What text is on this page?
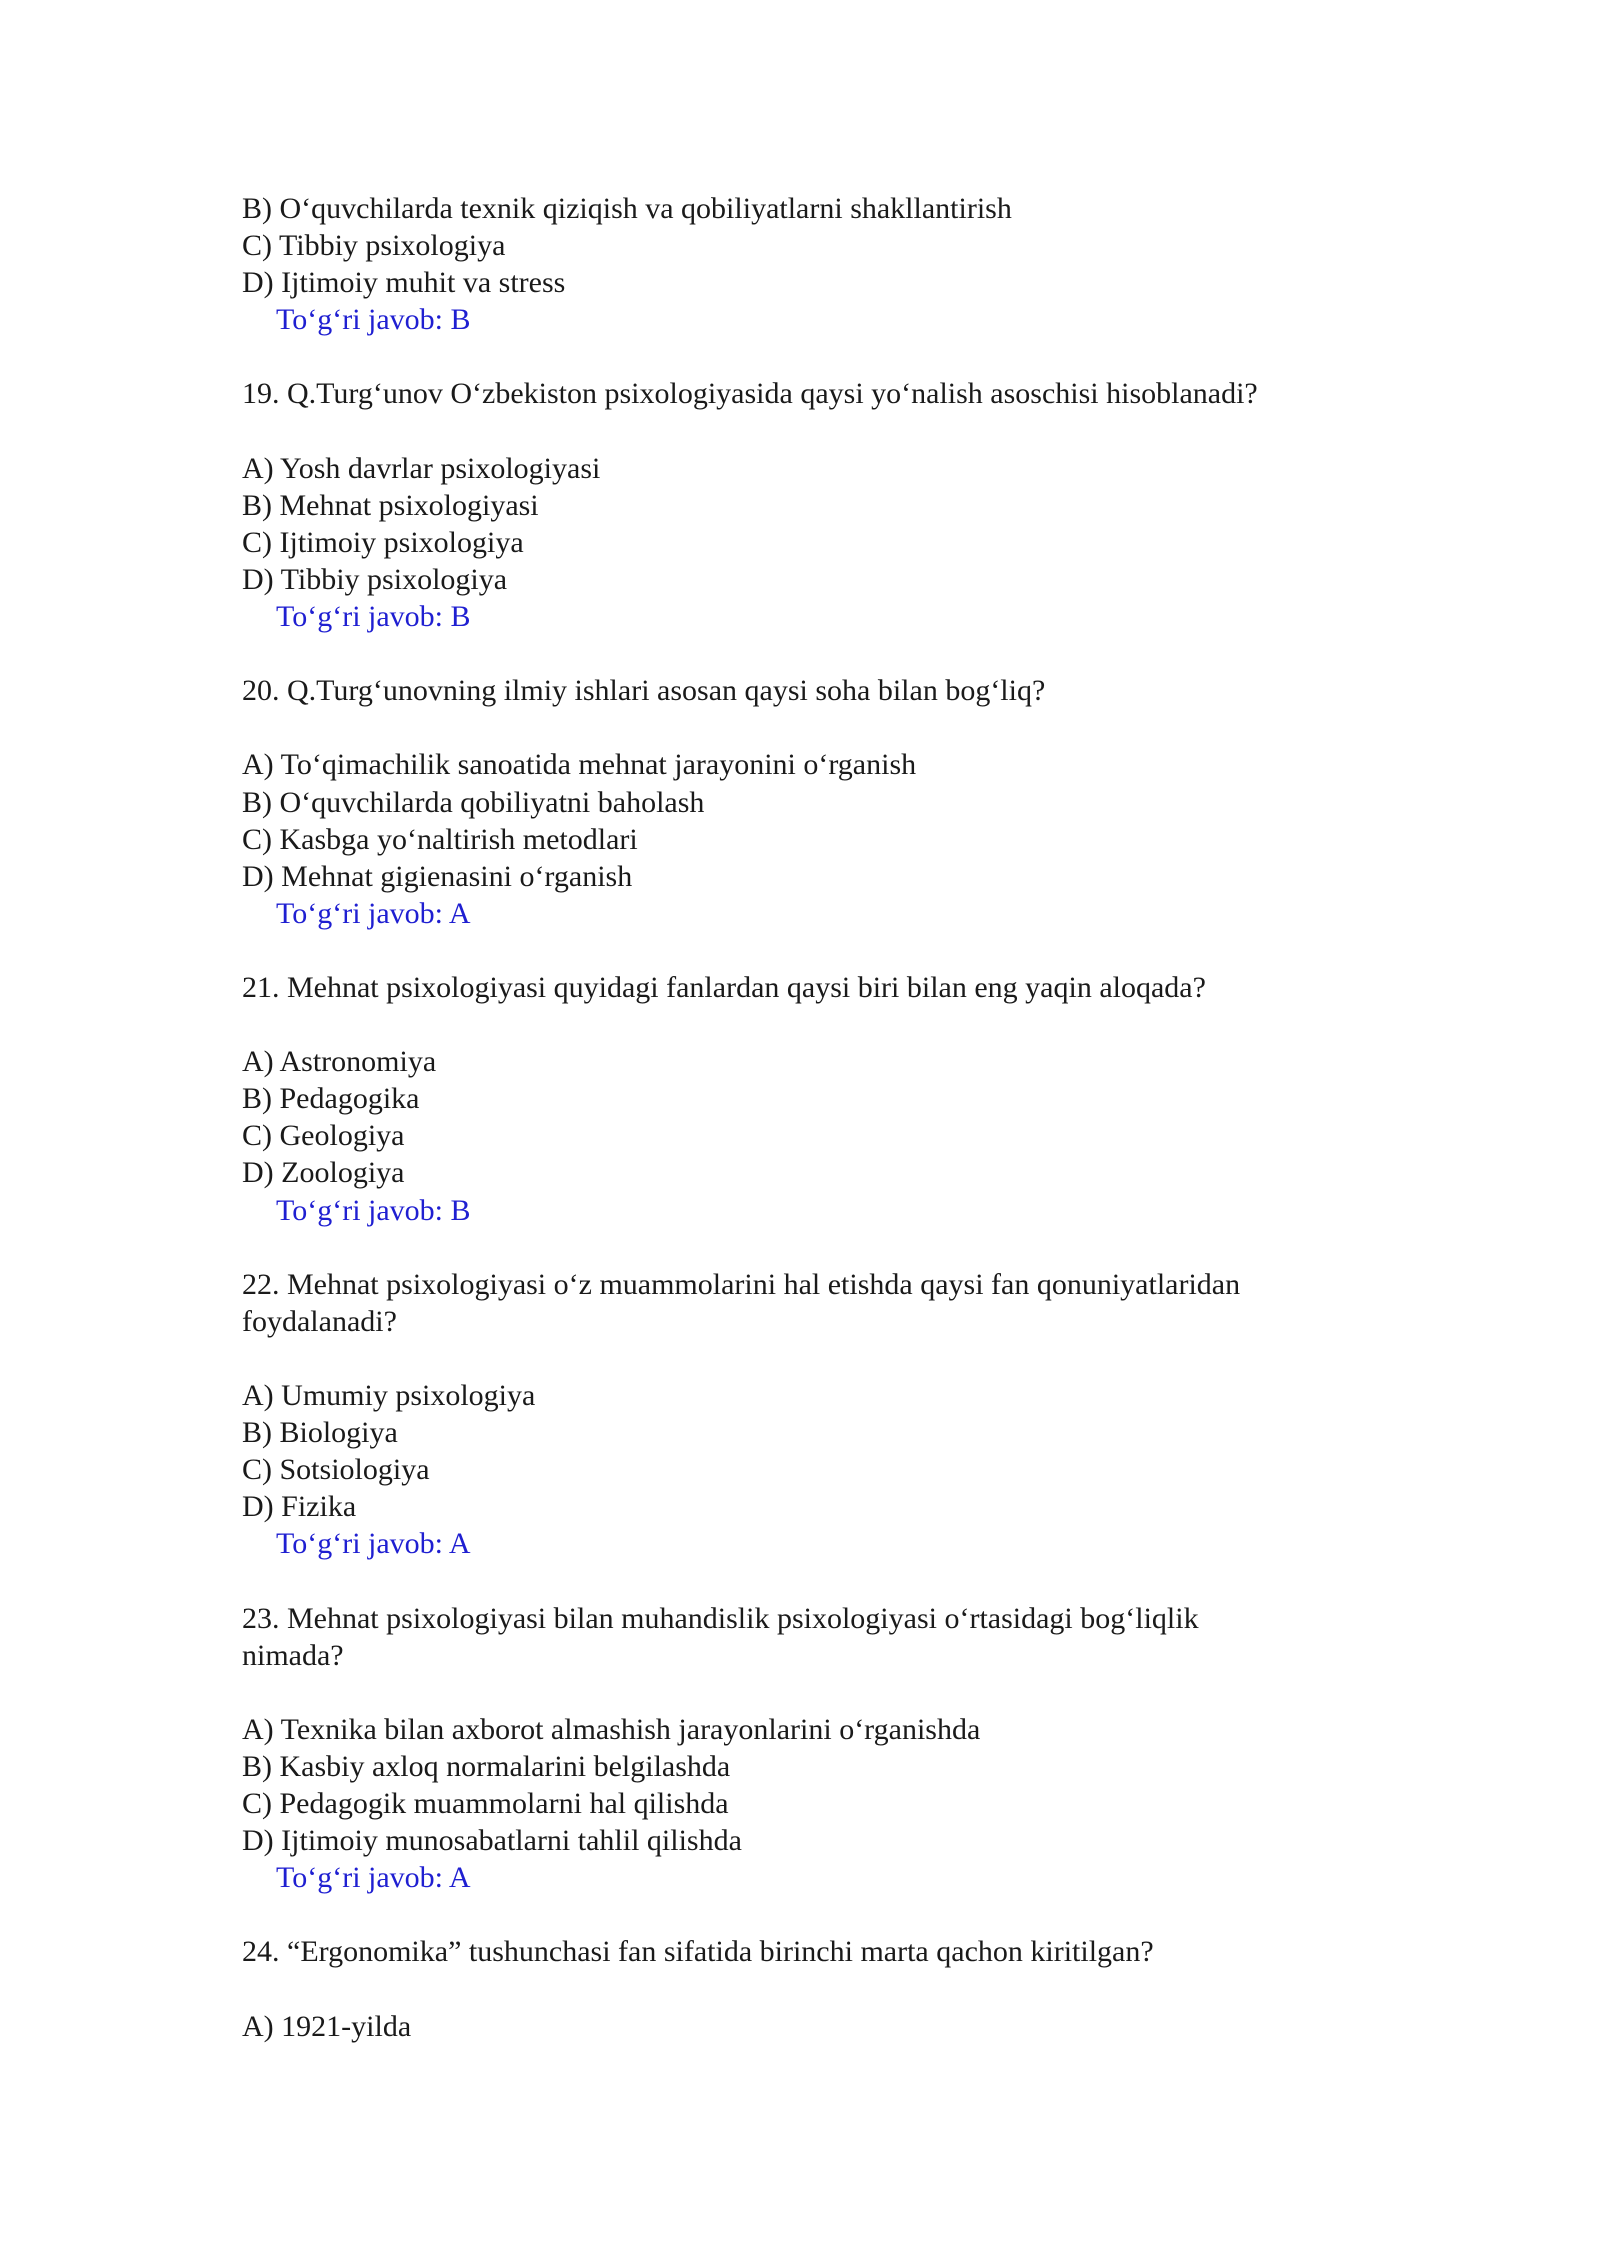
B) O‘quvchilarda texnik qiziqish va qobiliyatlarni shakllantirish
C) Tibbiy psixologiya
D) Ijtimoiy muhit va stress
To‘g‘ri javob: B
19. Q.Turg‘unov O‘zbekiston psixologiyasida qaysi yo‘nalish asoschisi hisoblanadi?
A) Yosh davrlar psixologiyasi
B) Mehnat psixologiyasi
C) Ijtimoiy psixologiya
D) Tibbiy psixologiya
To‘g‘ri javob: B
20. Q.Turg‘unovning ilmiy ishlari asosan qaysi soha bilan bog‘liq?
A) To‘qimachilik sanoatida mehnat jarayonini o‘rganish
B) O‘quvchilarda qobiliyatni baholash
C) Kasbga yo‘naltirish metodlari
D) Mehnat gigienasini o‘rganish
To‘g‘ri javob: A
21. Mehnat psixologiyasi quyidagi fanlardan qaysi biri bilan eng yaqin aloqada?
A) Astronomiya
B) Pedagogika
C) Geologiya
D) Zoologiya
To‘g‘ri javob: B
22. Mehnat psixologiyasi o‘z muammolarini hal etishda qaysi fan qonuniyatlaridan
foydalanadi?
A) Umumiy psixologiya
B) Biologiya
C) Sotsiologiya
D) Fizika
To‘g‘ri javob: A
23. Mehnat psixologiyasi bilan muhandislik psixologiyasi o‘rtasidagi bog‘liqlik
nimada?
A) Texnika bilan axborot almashish jarayonlarini o‘rganishda
B) Kasbiy axloq normalarini belgilashda
C) Pedagogik muammolarni hal qilishda
D) Ijtimoiy munosabatlarni tahlil qilishda
To‘g‘ri javob: A
24. “Ergonomika” tushunchasi fan sifatida birinchi marta qachon kiritilgan?
A) 1921-yilda
